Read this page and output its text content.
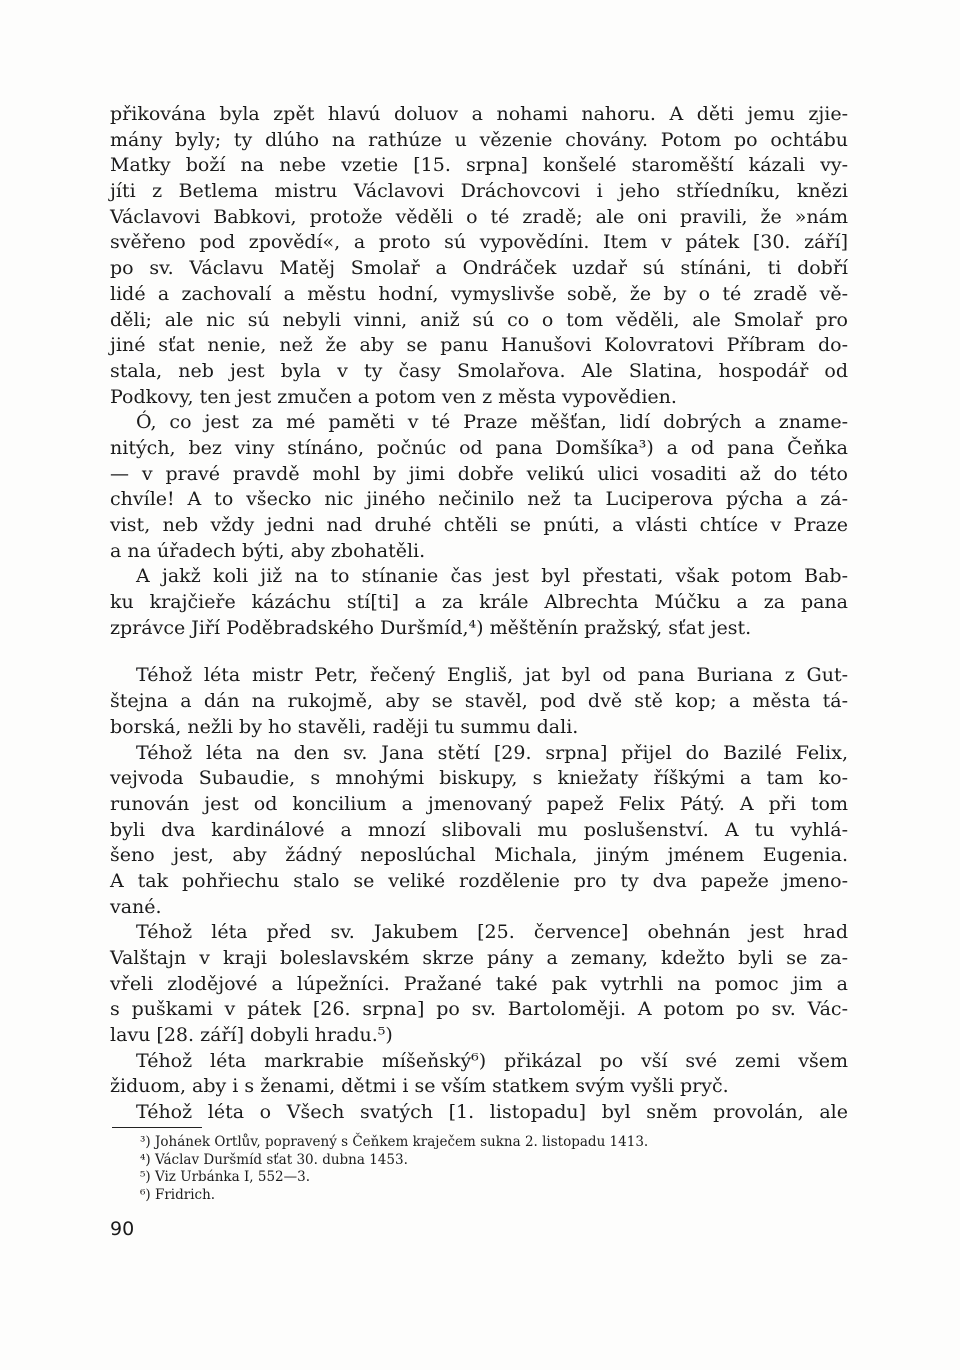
přikována byla zpět hlavú doluov a nohami nahoru. A děti jemu zjie-
mány byly; ty dlúho na rathúze u vězenie chovány. Potom po ochtábu
Matky boží na nebe vzetie [15. srpna] konšelé staroměští kázali vy-
jíti z Betlema mistru Václavovi Dráchovcovi i jeho stříedníku, knězi
Václavovi Babkovi, protože věděli o té zradě; ale oni pravili, že »nám
svěřeno pod zpovědí«, a proto sú vypovědíni. Item v pátek [30. září]
po sv. Václavu Matěj Smolař a Ondráček uzdař sú stínáni, ti dobří
lidé a zachovalí a městu hodní, vymyslivše sobě, že by o té zradě vě-
děli; ale nic sú nebyli vinni, aniž sú co o tom věděli, ale Smolař pro
jiné sťat nenie, než že aby se panu Hanušovi Kolovratovi Příbram do-
stala, neb jest byla v ty časy Smolařova. Ale Slatina, hospodář od
Podkovy, ten jest zmučen a potom ven z města vypovědien.
Ó, co jest za mé paměti v té Praze měšťan, lidí dobrých a zname-
nitých, bez viny stínáno, počnúc od pana Domšíka³) a od pana Čeňka
— v pravé pravdě mohl by jimi dobře velikú ulici vosaditi až do této
chvíle! A to všecko nic jiného nečinilo než ta Luciperova pýcha a zá-
vist, neb vždy jedni nad druhé chtěli se pnúti, a vlásti chtíce v Praze
a na úřadech býti, aby zbohatěli.
A jakž koli již na to stínanie čas jest byl přestati, však potom Bab-
ku krajčieře kázáchu stí[ti] a za krále Albrechta Múčku a za pana
zprávce Jiří Poděbradského Duršmíd,⁴) měštěnín pražský, sťat jest.
Téhož léta mistr Petr, řečený Engliš, jat byl od pana Buriana z Gut-
štejna a dán na rukojmě, aby se stavěl, pod dvě stě kop; a města tá-
borská, nežli by ho stavěli, raději tu summu dali.
Téhož léta na den sv. Jana stětí [29. srpna] přijel do Bazilé Felix,
vejvoda Subaudie, s mnohými biskupy, s kniežaty říškými a tam ko-
runován jest od koncilium a jmenovaný papež Felix Pátý. A při tom
byli dva kardinálové a mnozí slibovali mu poslušenství. A tu vyhlá-
šeno jest, aby žádný neposlúchal Michala, jiným jménem Eugenia.
A tak pohřiechu stalo se veliké rozdělenie pro ty dva papeže jmeno-
vané.
Téhož léta před sv. Jakubem [25. července] obehnán jest hrad
Valštajn v kraji boleslavském skrze pány a zemany, kdežto byli se za-
vřeli zlodějové a lúpežníci. Pražané také pak vytrhli na pomoc jim a
s puškami v pátek [26. srpna] po sv. Bartoloměji. A potom po sv. Vác-
lavu [28. září] dobyli hradu.⁵)
Téhož léta markrabie míšeňský⁶) přikázal po vší své zemi všem
židuom, aby i s ženami, dětmi i se vším statkem svým vyšli pryč.
Téhož léta o Všech svatých [1. listopadu] byl sněm provolán, ale
³) Johánek Ortlův, popravený s Čeňkem kraječem sukna 2. listopadu 1413.
⁴) Václav Duršmíd sťat 30. dubna 1453.
⁵) Viz Urbánka I, 552—3.
⁶) Fridrich.
90
